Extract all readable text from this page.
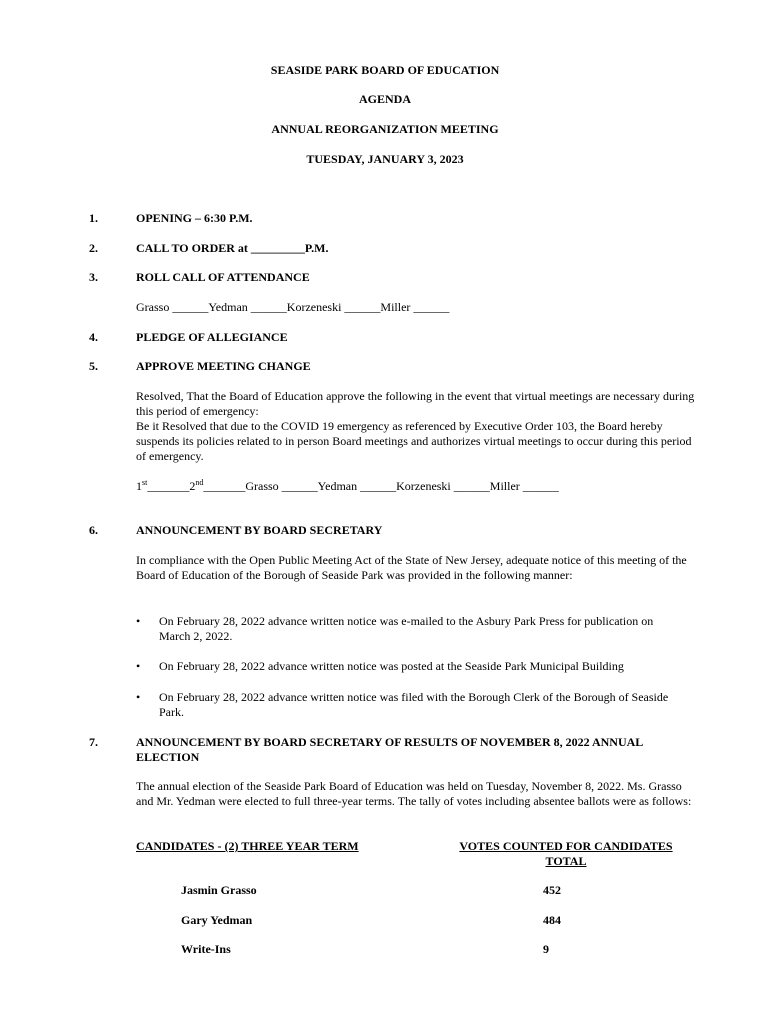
SEASIDE PARK BOARD OF EDUCATION
AGENDA
ANNUAL REORGANIZATION MEETING
TUESDAY, JANUARY 3, 2023
1.	OPENING – 6:30 P.M.
2.	CALL TO ORDER at _________P.M.
3.	ROLL CALL OF ATTENDANCE
Grasso ______Yedman ______Korzeneski ______Miller ______
4.	PLEDGE OF ALLEGIANCE
5.	APPROVE MEETING CHANGE
Resolved, That the Board of Education approve the following in the event that virtual meetings are necessary during this period of emergency:
Be it Resolved that due to the COVID 19 emergency as referenced by Executive Order 103, the Board hereby suspends its policies related to in person Board meetings and authorizes virtual meetings to occur during this period of emergency.
1st_______2nd_______Grasso ______Yedman ______Korzeneski ______Miller ______
6.	ANNOUNCEMENT BY BOARD SECRETARY
In compliance with the Open Public Meeting Act of the State of New Jersey, adequate notice of this meeting of the Board of Education of the Borough of Seaside Park was provided in the following manner:
• On February 28, 2022 advance written notice was e-mailed to the Asbury Park Press for publication on March 2, 2022.
• On February 28, 2022 advance written notice was posted at the Seaside Park Municipal Building
• On February 28, 2022 advance written notice was filed with the Borough Clerk of the Borough of Seaside Park.
7.	ANNOUNCEMENT BY BOARD SECRETARY OF RESULTS OF NOVEMBER 8, 2022 ANNUAL ELECTION
The annual election of the Seaside Park Board of Education was held on Tuesday, November 8, 2022. Ms. Grasso and Mr. Yedman were elected to full three-year terms. The tally of votes including absentee ballots were as follows:
CANDIDATES - (2) THREE YEAR TERM	VOTES COUNTED FOR CANDIDATES
TOTAL
Jasmin Grasso	452
Gary Yedman	484
Write-Ins	9
